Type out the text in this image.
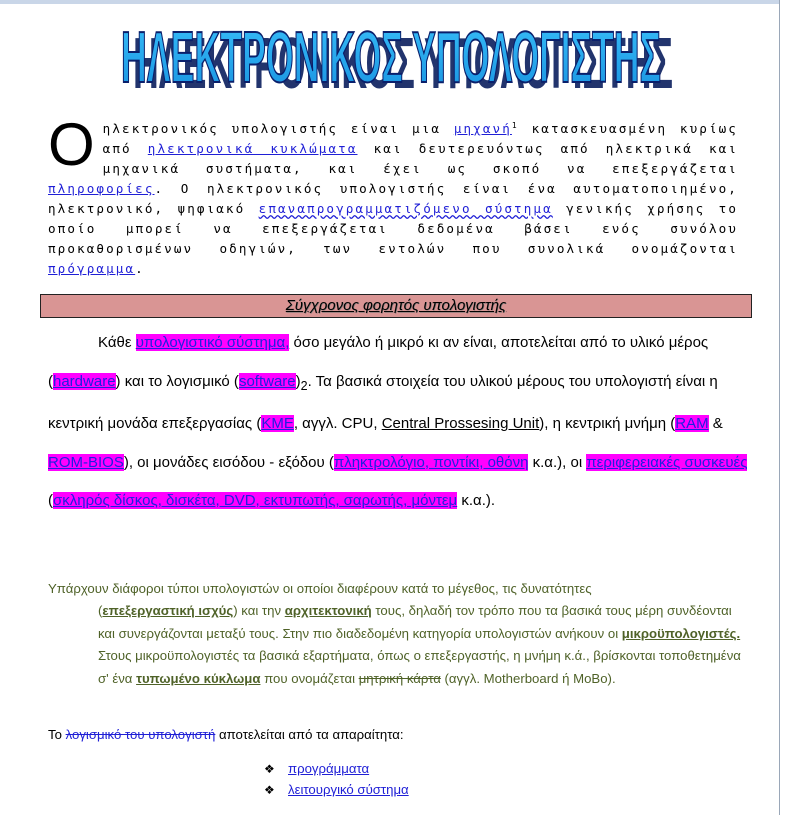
ΗΛΕΚΤΡΟΝΙΚΟΣ ΥΠΟΛΟΓΙΣΤΗΣ
ΗΛΕΚΤΡΟΝΙΚΟΣ ΥΠΟΛΟΓΙΣΤΗΣ
Ο ηλεκτρονικός υπολογιστής είναι μια μηχανή$^1$ κατασκευασμένη κυρίως από ηλεκτρονικά κυκλώματα και δευτερευόντως από ηλεκτρικά και μηχανικά συστήματα, και έχει ως σκοπό να επεξεργάζεται πληροφορίες. Ο ηλεκτρονικός υπολογιστής είναι ένα αυτοματοποιημένο, ηλεκτρονικό, ψηφιακό επαναπρογραμματιζόμενο σύστημα γενικής χρήσης το οποίο μπορεί να επεξεργάζεται δεδομένα βάσει ενός συνόλου προκαθορισμένων οδηγιών, των εντολών που συνολικά ονομάζονται πρόγραμμα.
Σύγχρονος φορητός υπολογιστής
Κάθε υπολογιστικό σύστημα, όσο μεγάλο ή μικρό κι αν είναι, αποτελείται από το υλικό μέρος (hardware) και το λογισμικό $(software)_2$. Τα βασικά στοιχεία του υλικού μέρους του υπολογιστή είναι η κεντρική μονάδα επεξεργασίας (ΚΜΕ, αγγλ. CPU, Central Prossesing Unit), η κεντρική μνήμη (RAM & ROM-BIOS), οι μονάδες εισόδου - εξόδου (πληκτρολόγιο, ποντίκι, οθόνη κ.α.), οι περιφερειακές συσκευές (σκληρός δίσκος, δισκέτα, DVD, εκτυπωτής, σαρωτής, μόντεμ κ.α.).
Υπάρχουν διάφοροι τύποι υπολογιστών οι οποίοι διαφέρουν κατά το μέγεθος, τις δυνατότητες
(επεξεργαστική ισχύς) και την αρχιτεκτονική τους, δηλαδή τον τρόπο που τα βασικά τους μέρη συνδέονται και συνεργάζονται μεταξύ τους. Στην πιο διαδεδομένη κατηγορία υπολογιστών ανήκουν οι μικροϋπολογιστές. Στους μικροϋπολογιστές τα βασικά εξαρτήματα, όπως ο επεξεργαστής, η μνήμη κ.ά., βρίσκονται τοποθετημένα σ' ένα τυπωμένο κύκλωμα που ονομάζεται μητρική κάρτα (αγγλ. Motherboard ή MoBo).
Το λογισμικό του υπολογιστή αποτελείται από τα απαραίτητα:
❖ προγράμματα
❖ λειτουργικό σύστημα
